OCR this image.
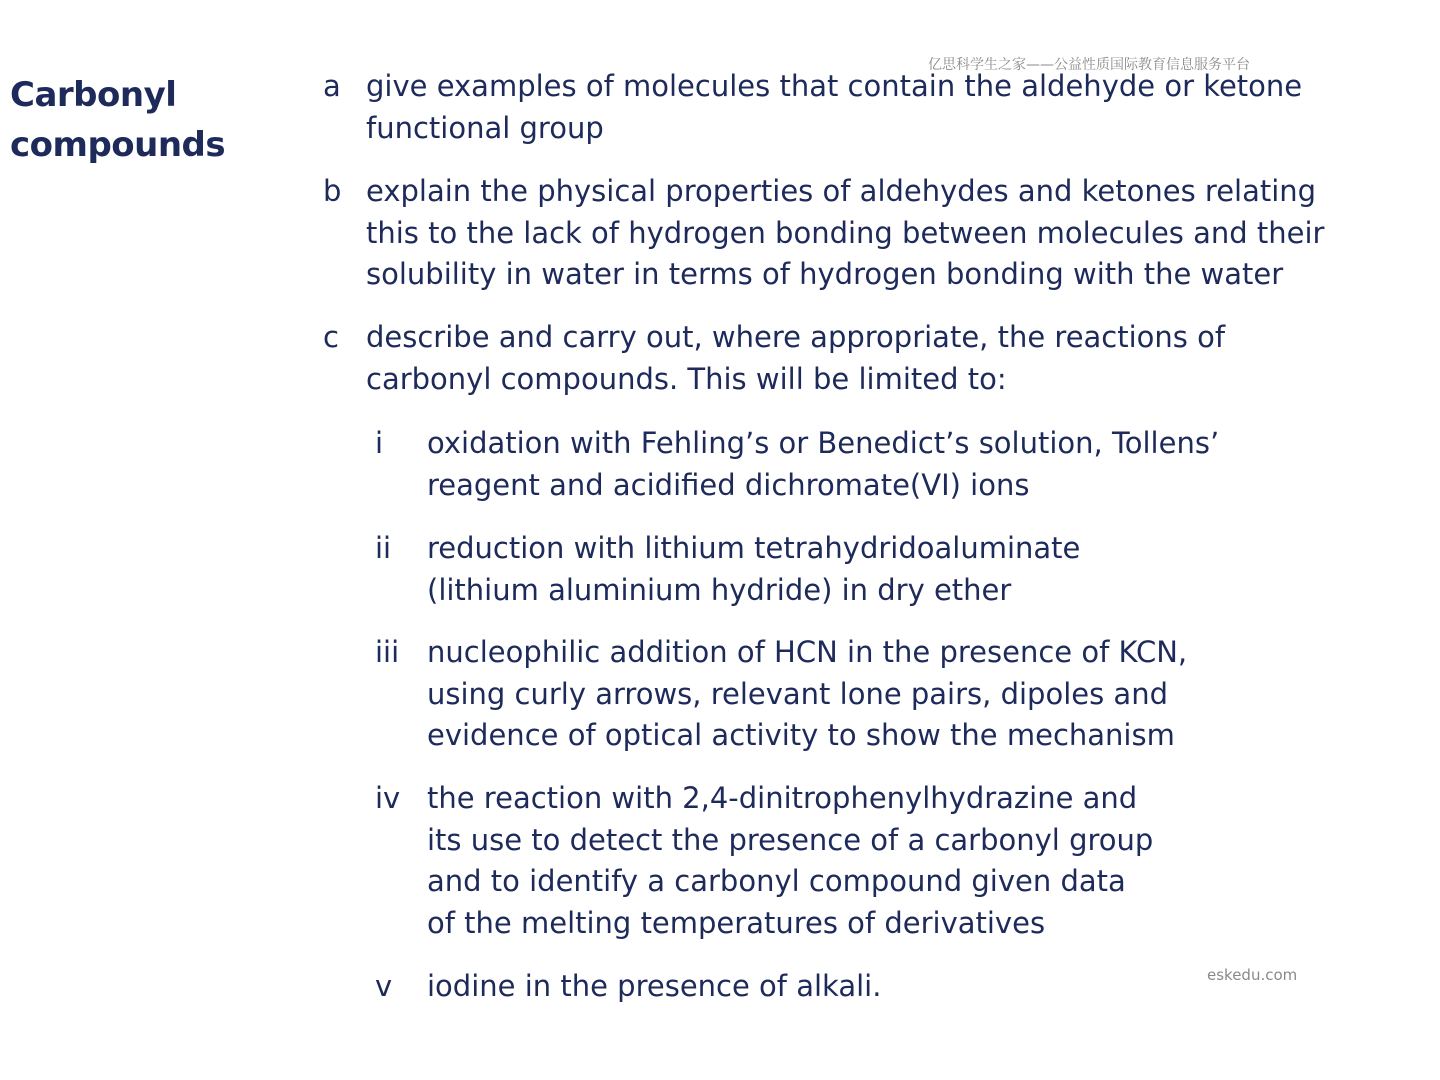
亿思科学生之家——公益性质国际教育信息服务平台
eskedu.com
Carbonyl
compounds
a give examples of molecules that contain the aldehyde or ketone
functional group
b explain the physical properties of aldehydes and ketones relating
this to the lack of hydrogen bonding between molecules and their
solubility in water in terms of hydrogen bonding with the water
c describe and carry out, where appropriate, the reactions of
carbonyl compounds. This will be limited to:
i oxidation with Fehling’s or Benedict’s solution, Tollens’
reagent and acidified dichromate(VI) ions
ii reduction with lithium tetrahydridoaluminate
(lithium aluminium hydride) in dry ether
iii nucleophilic addition of HCN in the presence of KCN,
using curly arrows, relevant lone pairs, dipoles and
evidence of optical activity to show the mechanism
iv the reaction with 2,4-dinitrophenylhydrazine and
its use to detect the presence of a carbonyl group
and to identify a carbonyl compound given data
of the melting temperatures of derivatives
v iodine in the presence of alkali.
